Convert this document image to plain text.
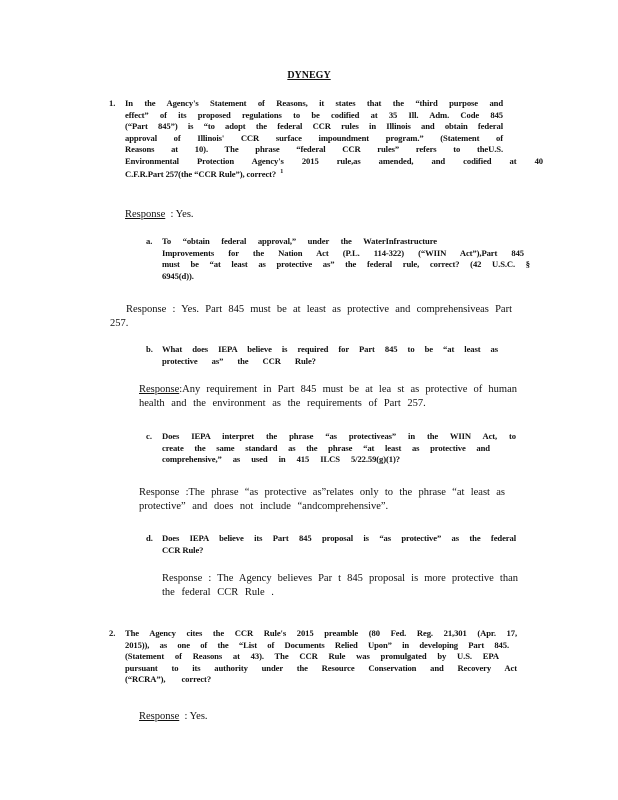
DYNEGY
1. In the Agency's Statement of Reasons, it states that the “third purpose and

effect” of its proposed regulations to be codified at 35 Ill. Adm. Code 845

(“Part 845”) is “to adopt the federal CCR rules in Illinois and obtain federal

approval of Illinois' CCR surface impoundment program.” (Statement of

Reasons at 10). The phrase “federal CCR rules” refers to theU.S.

Environmental Protection Agency's 2015 rule,as amended, and codified at 40

C.F.R.Part 257(the “CCR Rule”), correct? $^1$

Response : Yes.

a. To “obtain federal approval,” under the WaterInfrastructure

Improvements for the Nation Act (P.L. 114-322) (“WIIN Act”),Part 845

must be “at least as protective as” the federal rule, correct? (42 U.S.C. §

6945(d)).

Response : Yes. Part 845 must be at least as protective and comprehensiveas Part

257.

b. What does IEPA believe is required for Part 845 to be “at least as

protective as” the CCR Rule?

Response:Any requirement in Part 845 must be at lea st as protective of human

health and the environment as the requirements of Part 257.

c. Does IEPA interpret the phrase “as protectiveas” in the WIIN Act, to

create the same standard as the phrase “at least as protective and

comprehensive,” as used in 415 ILCS 5/22.59(g)(1)?

Response :The phrase “as protective as”relates only to the phrase “at least as

protective” and does not include “andcomprehensive”.

d. Does IEPA believe its Part 845 proposal is “as protective” as the federal

CCR Rule?

Response : The Agency believes Par t 845 proposal is more protective than

the federal CCR Rule .

2. The Agency cites the CCR Rule's 2015 preamble (80 Fed. Reg. 21,301 (Apr. 17,

2015)), as one of the “List of Documents Relied Upon” in developing Part 845.

(Statement of Reasons at 43). The CCR Rule was promulgated by U.S. EPA

pursuant to its authority under the Resource Conservation and Recovery Act

(“RCRA”), correct?

Response : Yes.
